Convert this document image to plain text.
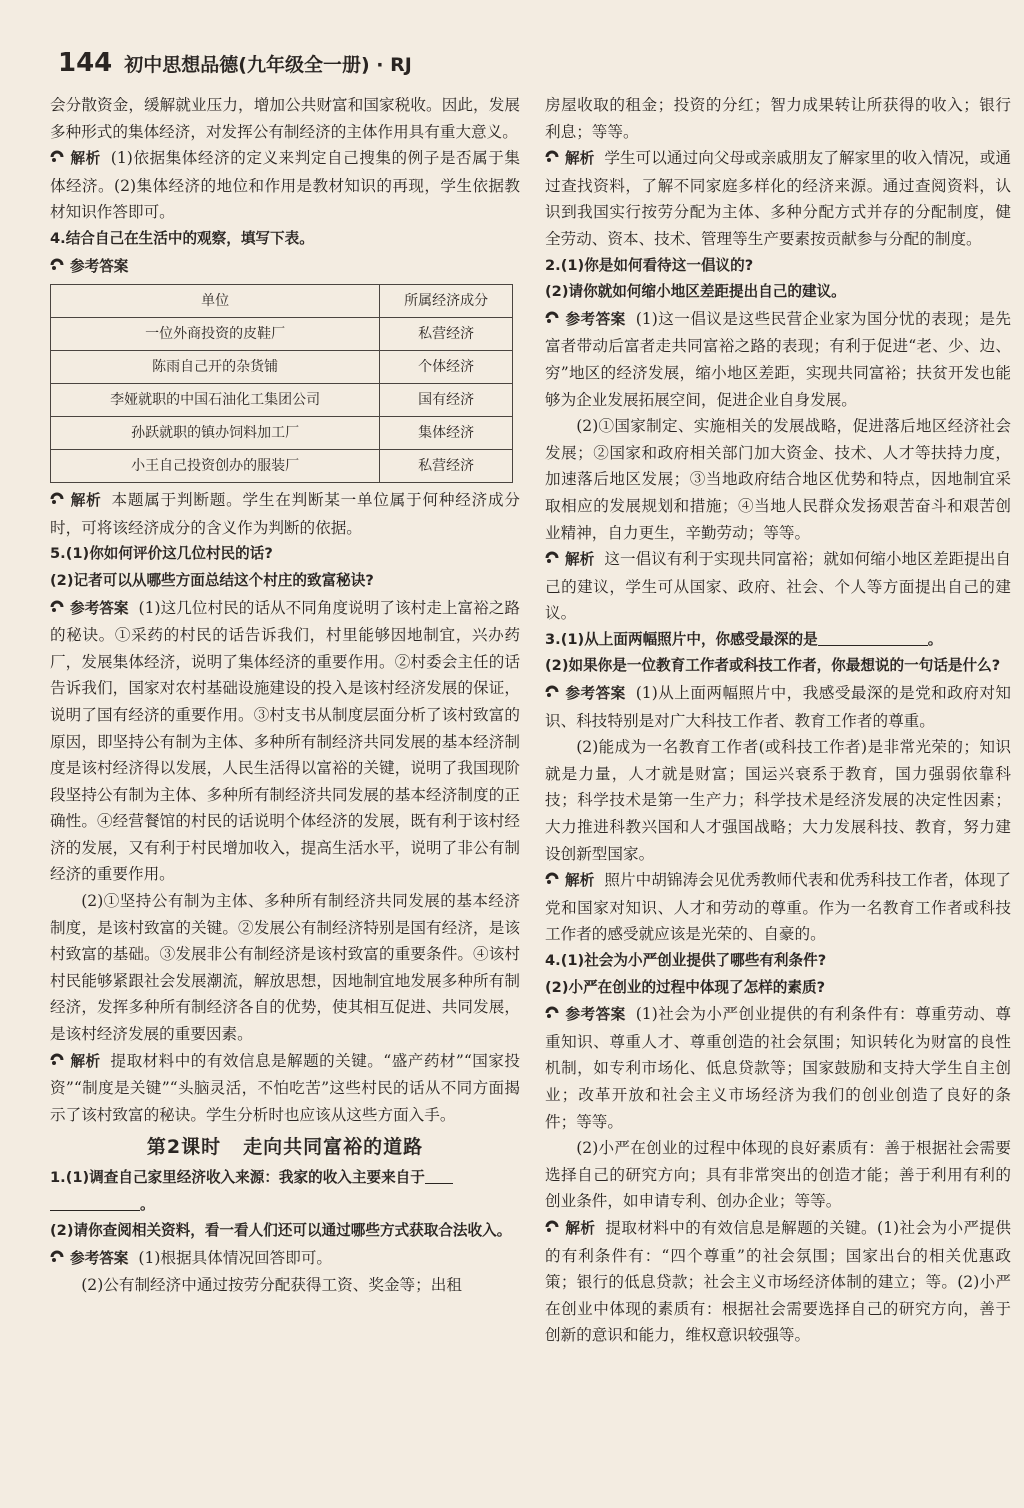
144 初中思想品德(九年级全一册) · RJ

会分散资金，缓解就业压力，增加公共财富和国家税收。因此，发展多种形式的集体经济，对发挥公有制经济的主体作用具有重大意义。

解析 (1)依据集体经济的定义来判定自己搜集的例子是否属于集体经济。(2)集体经济的地位和作用是教材知识的再现，学生依据教材知识作答即可。

4.结合自己在生活中的观察，填写下表。

参考答案

单位	所属经济成分
一位外商投资的皮鞋厂	私营经济
陈雨自己开的杂货铺	个体经济
李娅就职的中国石油化工集团公司	国有经济
孙跃就职的镇办饲料加工厂	集体经济
小王自己投资创办的服装厂	私营经济

解析 本题属于判断题。学生在判断某一单位属于何种经济成分时，可将该经济成分的含义作为判断的依据。

5.(1)你如何评价这几位村民的话?

(2)记者可以从哪些方面总结这个村庄的致富秘诀?

参考答案 (1)这几位村民的话从不同角度说明了该村走上富裕之路的秘诀。①采药的村民的话告诉我们，村里能够因地制宜，兴办药厂，发展集体经济，说明了集体经济的重要作用。②村委会主任的话告诉我们，国家对农村基础设施建设的投入是该村经济发展的保证，说明了国有经济的重要作用。③村支书从制度层面分析了该村致富的原因，即坚持公有制为主体、多种所有制经济共同发展的基本经济制度是该村经济得以发展，人民生活得以富裕的关键，说明了我国现阶段坚持公有制为主体、多种所有制经济共同发展的基本经济制度的正确性。④经营餐馆的村民的话说明个体经济的发展，既有利于该村经济的发展，又有利于村民增加收入，提高生活水平，说明了非公有制经济的重要作用。

(2)①坚持公有制为主体、多种所有制经济共同发展的基本经济制度，是该村致富的关键。②发展公有制经济特别是国有经济，是该村致富的基础。③发展非公有制经济是该村致富的重要条件。④该村村民能够紧跟社会发展潮流，解放思想，因地制宜地发展多种所有制经济，发挥多种所有制经济各自的优势，使其相互促进、共同发展，是该村经济发展的重要因素。

解析 提取材料中的有效信息是解题的关键。“盛产药材”“国家投资”“制度是关键”“头脑灵活，不怕吃苦”这些村民的话从不同方面揭示了该村致富的秘诀。学生分析时也应该从这些方面入手。

第2课时 走向共同富裕的道路

1.(1)调查自己家里经济收入来源：我家的收入主要来自于
。

(2)请你查阅相关资料，看一看人们还可以通过哪些方式获取合法收入。

参考答案 (1)根据具体情况回答即可。

(2)公有制经济中通过按劳分配获得工资、奖金等；出租

房屋收取的租金；投资的分红；智力成果转让所获得的收入；银行利息；等等。

解析 学生可以通过向父母或亲戚朋友了解家里的收入情况，或通过查找资料，了解不同家庭多样化的经济来源。通过查阅资料，认识到我国实行按劳分配为主体、多种分配方式并存的分配制度，健全劳动、资本、技术、管理等生产要素按贡献参与分配的制度。

2.(1)你是如何看待这一倡议的?

(2)请你就如何缩小地区差距提出自己的建议。

参考答案 (1)这一倡议是这些民营企业家为国分忧的表现；是先富者带动后富者走共同富裕之路的表现；有利于促进“老、少、边、穷”地区的经济发展，缩小地区差距，实现共同富裕；扶贫开发也能够为企业发展拓展空间，促进企业自身发展。

(2)①国家制定、实施相关的发展战略，促进落后地区经济社会发展；②国家和政府相关部门加大资金、技术、人才等扶持力度，加速落后地区发展；③当地政府结合地区优势和特点，因地制宜采取相应的发展规划和措施；④当地人民群众发扬艰苦奋斗和艰苦创业精神，自力更生，辛勤劳动；等等。

解析 这一倡议有利于实现共同富裕；就如何缩小地区差距提出自己的建议，学生可从国家、政府、社会、个人等方面提出自己的建议。

3.(1)从上面两幅照片中，你感受最深的是	。

(2)如果你是一位教育工作者或科技工作者，你最想说的一句话是什么?

参考答案 (1)从上面两幅照片中，我感受最深的是党和政府对知识、科技特别是对广大科技工作者、教育工作者的尊重。

(2)能成为一名教育工作者(或科技工作者)是非常光荣的；知识就是力量，人才就是财富；国运兴衰系于教育，国力强弱依靠科技；科学技术是第一生产力；科学技术是经济发展的决定性因素；大力推进科教兴国和人才强国战略；大力发展科技、教育，努力建设创新型国家。

解析 照片中胡锦涛会见优秀教师代表和优秀科技工作者，体现了党和国家对知识、人才和劳动的尊重。作为一名教育工作者或科技工作者的感受就应该是光荣的、自豪的。

4.(1)社会为小严创业提供了哪些有利条件?

(2)小严在创业的过程中体现了怎样的素质?

参考答案 (1)社会为小严创业提供的有利条件有：尊重劳动、尊重知识、尊重人才、尊重创造的社会氛围；知识转化为财富的良性机制，如专利市场化、低息贷款等；国家鼓励和支持大学生自主创业；改革开放和社会主义市场经济为我们的创业创造了良好的条件；等等。

(2)小严在创业的过程中体现的良好素质有：善于根据社会需要选择自己的研究方向；具有非常突出的创造才能；善于利用有利的创业条件，如申请专利、创办企业；等等。

解析 提取材料中的有效信息是解题的关键。(1)社会为小严提供的有利条件有：“四个尊重”的社会氛围；国家出台的相关优惠政策；银行的低息贷款；社会主义市场经济体制的建立；等。(2)小严在创业中体现的素质有：根据社会需要选择自己的研究方向，善于创新的意识和能力，维权意识较强等。
